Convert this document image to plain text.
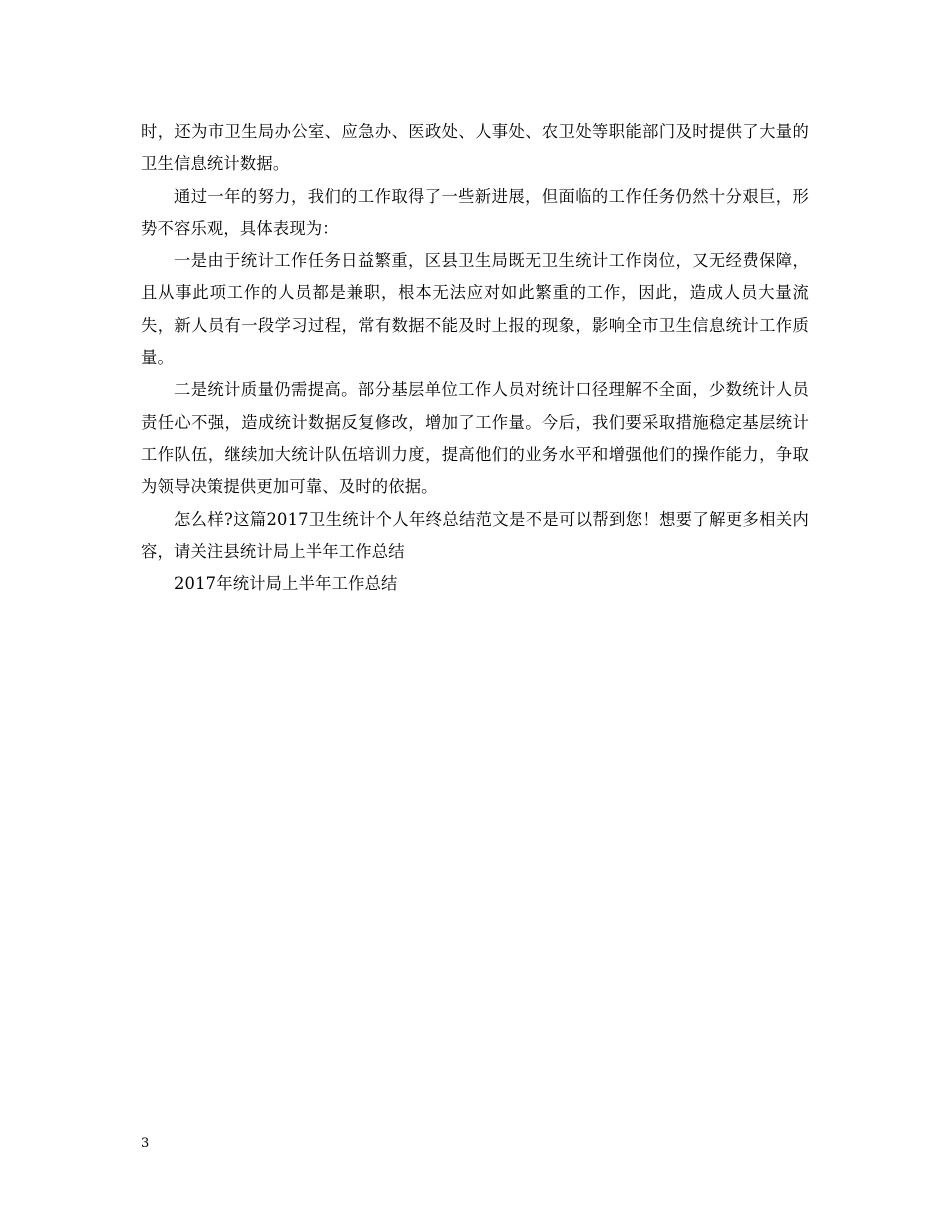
时，还为市卫生局办公室、应急办、医政处、人事处、农卫处等职能部门及时提供了大量的卫生信息统计数据。

通过一年的努力，我们的工作取得了一些新进展，但面临的工作任务仍然十分艰巨，形势不容乐观，具体表现为：

一是由于统计工作任务日益繁重，区县卫生局既无卫生统计工作岗位，又无经费保障，且从事此项工作的人员都是兼职，根本无法应对如此繁重的工作，因此，造成人员大量流失，新人员有一段学习过程，常有数据不能及时上报的现象，影响全市卫生信息统计工作质量。

二是统计质量仍需提高。部分基层单位工作人员对统计口径理解不全面，少数统计人员责任心不强，造成统计数据反复修改，增加了工作量。今后，我们要采取措施稳定基层统计工作队伍，继续加大统计队伍培训力度，提高他们的业务水平和增强他们的操作能力，争取为领导决策提供更加可靠、及时的依据。

怎么样?这篇2017卫生统计个人年终总结范文是不是可以帮到您！想要了解更多相关内容，请关注县统计局上半年工作总结

2017年统计局上半年工作总结

3
